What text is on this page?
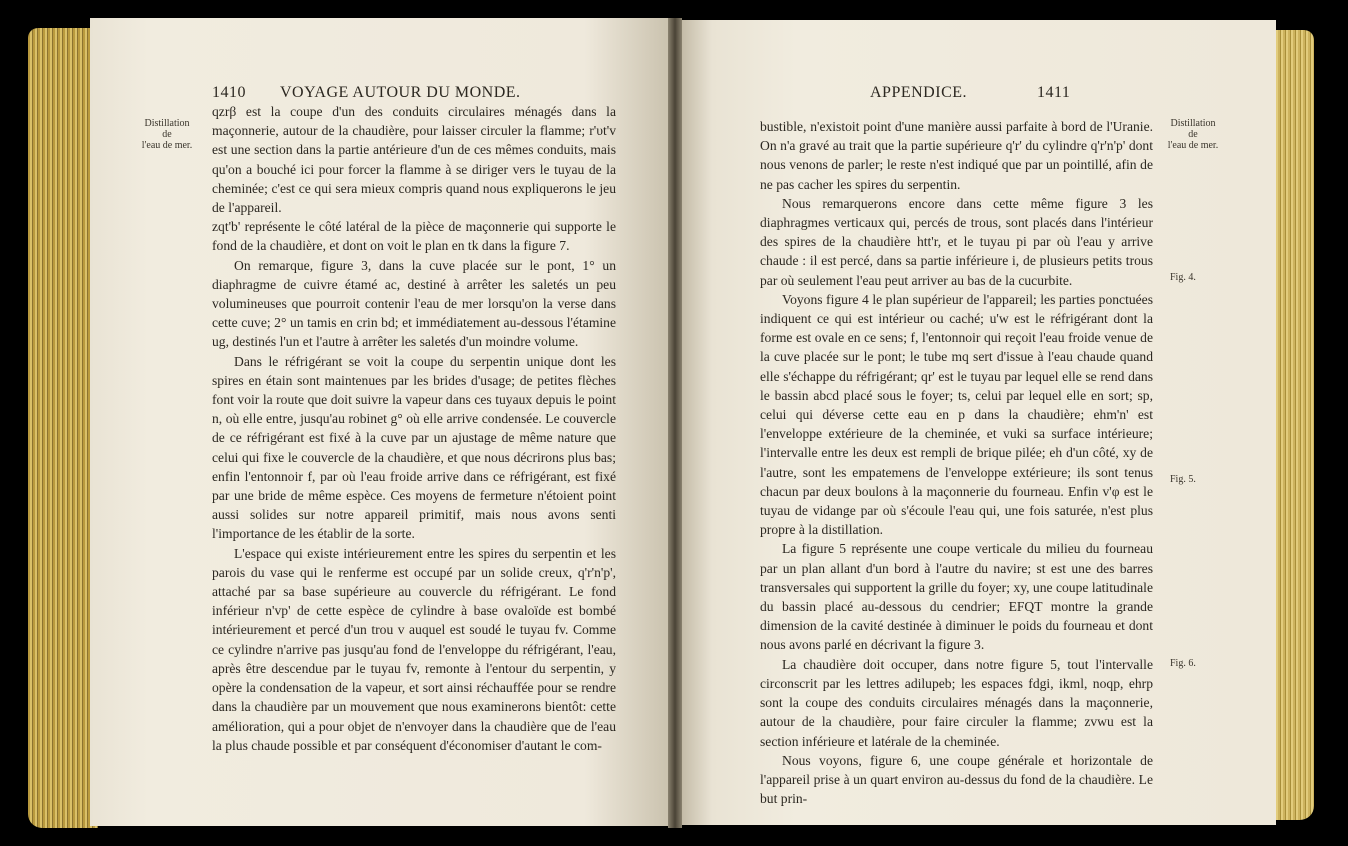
1410 VOYAGE AUTOUR DU MONDE.
Distillation
de
l'eau de mer.

qzrβ est la coupe d'un des conduits circulaires ménagés dans la maçonnerie, autour de la chaudière, pour laisser circuler la flamme; r'υt'v est une section dans la partie antérieure d'un de ces mêmes conduits, mais qu'on a bouché ici pour forcer la flamme à se diriger vers le tuyau de la cheminée; c'est ce qui sera mieux compris quand nous expliquerons le jeu de l'appareil.

zqt'b' représente le côté latéral de la pièce de maçonnerie qui supporte le fond de la chaudière, et dont on voit le plan en tk dans la figure 7.

On remarque, figure 3, dans la cuve placée sur le pont, 1° un diaphragme de cuivre étamé ac, destiné à arrêter les saletés un peu volumineuses que pourroit contenir l'eau de mer lorsqu'on la verse dans cette cuve; 2° un tamis en crin bd; et immédiatement au-dessous l'étamine ug, destinés l'un et l'autre à arrêter les saletés d'un moindre volume.

Dans le réfrigérant se voit la coupe du serpentin unique dont les spires en étain sont maintenues par les brides d'usage; de petites flèches font voir la route que doit suivre la vapeur dans ces tuyaux depuis le point n, où elle entre, jusqu'au robinet g° où elle arrive condensée. Le couvercle de ce réfrigérant est fixé à la cuve par un ajustage de même nature que celui qui fixe le couvercle de la chaudière, et que nous décrirons plus bas; enfin l'entonnoir f, par où l'eau froide arrive dans ce réfrigérant, est fixé par une bride de même espèce. Ces moyens de fermeture n'étoient point aussi solides sur notre appareil primitif, mais nous avons senti l'importance de les établir de la sorte.

L'espace qui existe intérieurement entre les spires du serpentin et les parois du vase qui le renferme est occupé par un solide creux, q'r'n'p', attaché par sa base supérieure au couvercle du réfrigérant. Le fond inférieur n'vp' de cette espèce de cylindre à base ovaloïde est bombé intérieurement et percé d'un trou v auquel est soudé le tuyau fv. Comme ce cylindre n'arrive pas jusqu'au fond de l'enveloppe du réfrigérant, l'eau, après être descendue par le tuyau fv, remonte à l'entour du serpentin, y opère la condensation de la vapeur, et sort ainsi réchauffée pour se rendre dans la chaudière par un mouvement que nous examinerons bientôt: cette amélioration, qui a pour objet de n'envoyer dans la chaudière que de l'eau la plus chaude possible et par conséquent d'économiser d'autant le com-

APPENDICE.	1411
Distillation
de
l'eau de mer.
Fig. 4.
Fig. 5.
Fig. 6.

bustible, n'existoit point d'une manière aussi parfaite à bord de l'Uranie. On n'a gravé au trait que la partie supérieure q'r' du cylindre q'r'n'p' dont nous venons de parler; le reste n'est indiqué que par un pointillé, afin de ne pas cacher les spires du serpentin.

Nous remarquerons encore dans cette même figure 3 les diaphragmes verticaux qui, percés de trous, sont placés dans l'intérieur des spires de la chaudière htt'r, et le tuyau pi par où l'eau y arrive chaude : il est percé, dans sa partie inférieure i, de plusieurs petits trous par où seulement l'eau peut arriver au bas de la cucurbite.

Voyons figure 4 le plan supérieur de l'appareil; les parties ponctuées indiquent ce qui est intérieur ou caché; u'w est le réfrigérant dont la forme est ovale en ce sens; f, l'entonnoir qui reçoit l'eau froide venue de la cuve placée sur le pont; le tube mq sert d'issue à l'eau chaude quand elle s'échappe du réfrigérant; qr' est le tuyau par lequel elle se rend dans le bassin abcd placé sous le foyer; ts, celui par lequel elle en sort; sp, celui qui déverse cette eau en p dans la chaudière; ehm'n' est l'enveloppe extérieure de la cheminée, et vuki sa surface intérieure; l'intervalle entre les deux est rempli de brique pilée; eh d'un côté, xy de l'autre, sont les empatemens de l'enveloppe extérieure; ils sont tenus chacun par deux boulons à la maçonnerie du fourneau. Enfin v'φ est le tuyau de vidange par où s'écoule l'eau qui, une fois saturée, n'est plus propre à la distillation.

La figure 5 représente une coupe verticale du milieu du fourneau par un plan allant d'un bord à l'autre du navire; st est une des barres transversales qui supportent la grille du foyer; xy, une coupe latitudinale du bassin placé au-dessous du cendrier; EFQT montre la grande dimension de la cavité destinée à diminuer le poids du fourneau et dont nous avons parlé en décrivant la figure 3.

La chaudière doit occuper, dans notre figure 5, tout l'intervalle circonscrit par les lettres adilupeb; les espaces fdgi, ikml, noqp, ehrp sont la coupe des conduits circulaires ménagés dans la maçonnerie, autour de la chaudière, pour faire circuler la flamme; zvwu est la section inférieure et latérale de la cheminée.

Nous voyons, figure 6, une coupe générale et horizontale de l'appareil prise à un quart environ au-dessus du fond de la chaudière. Le but prin-
